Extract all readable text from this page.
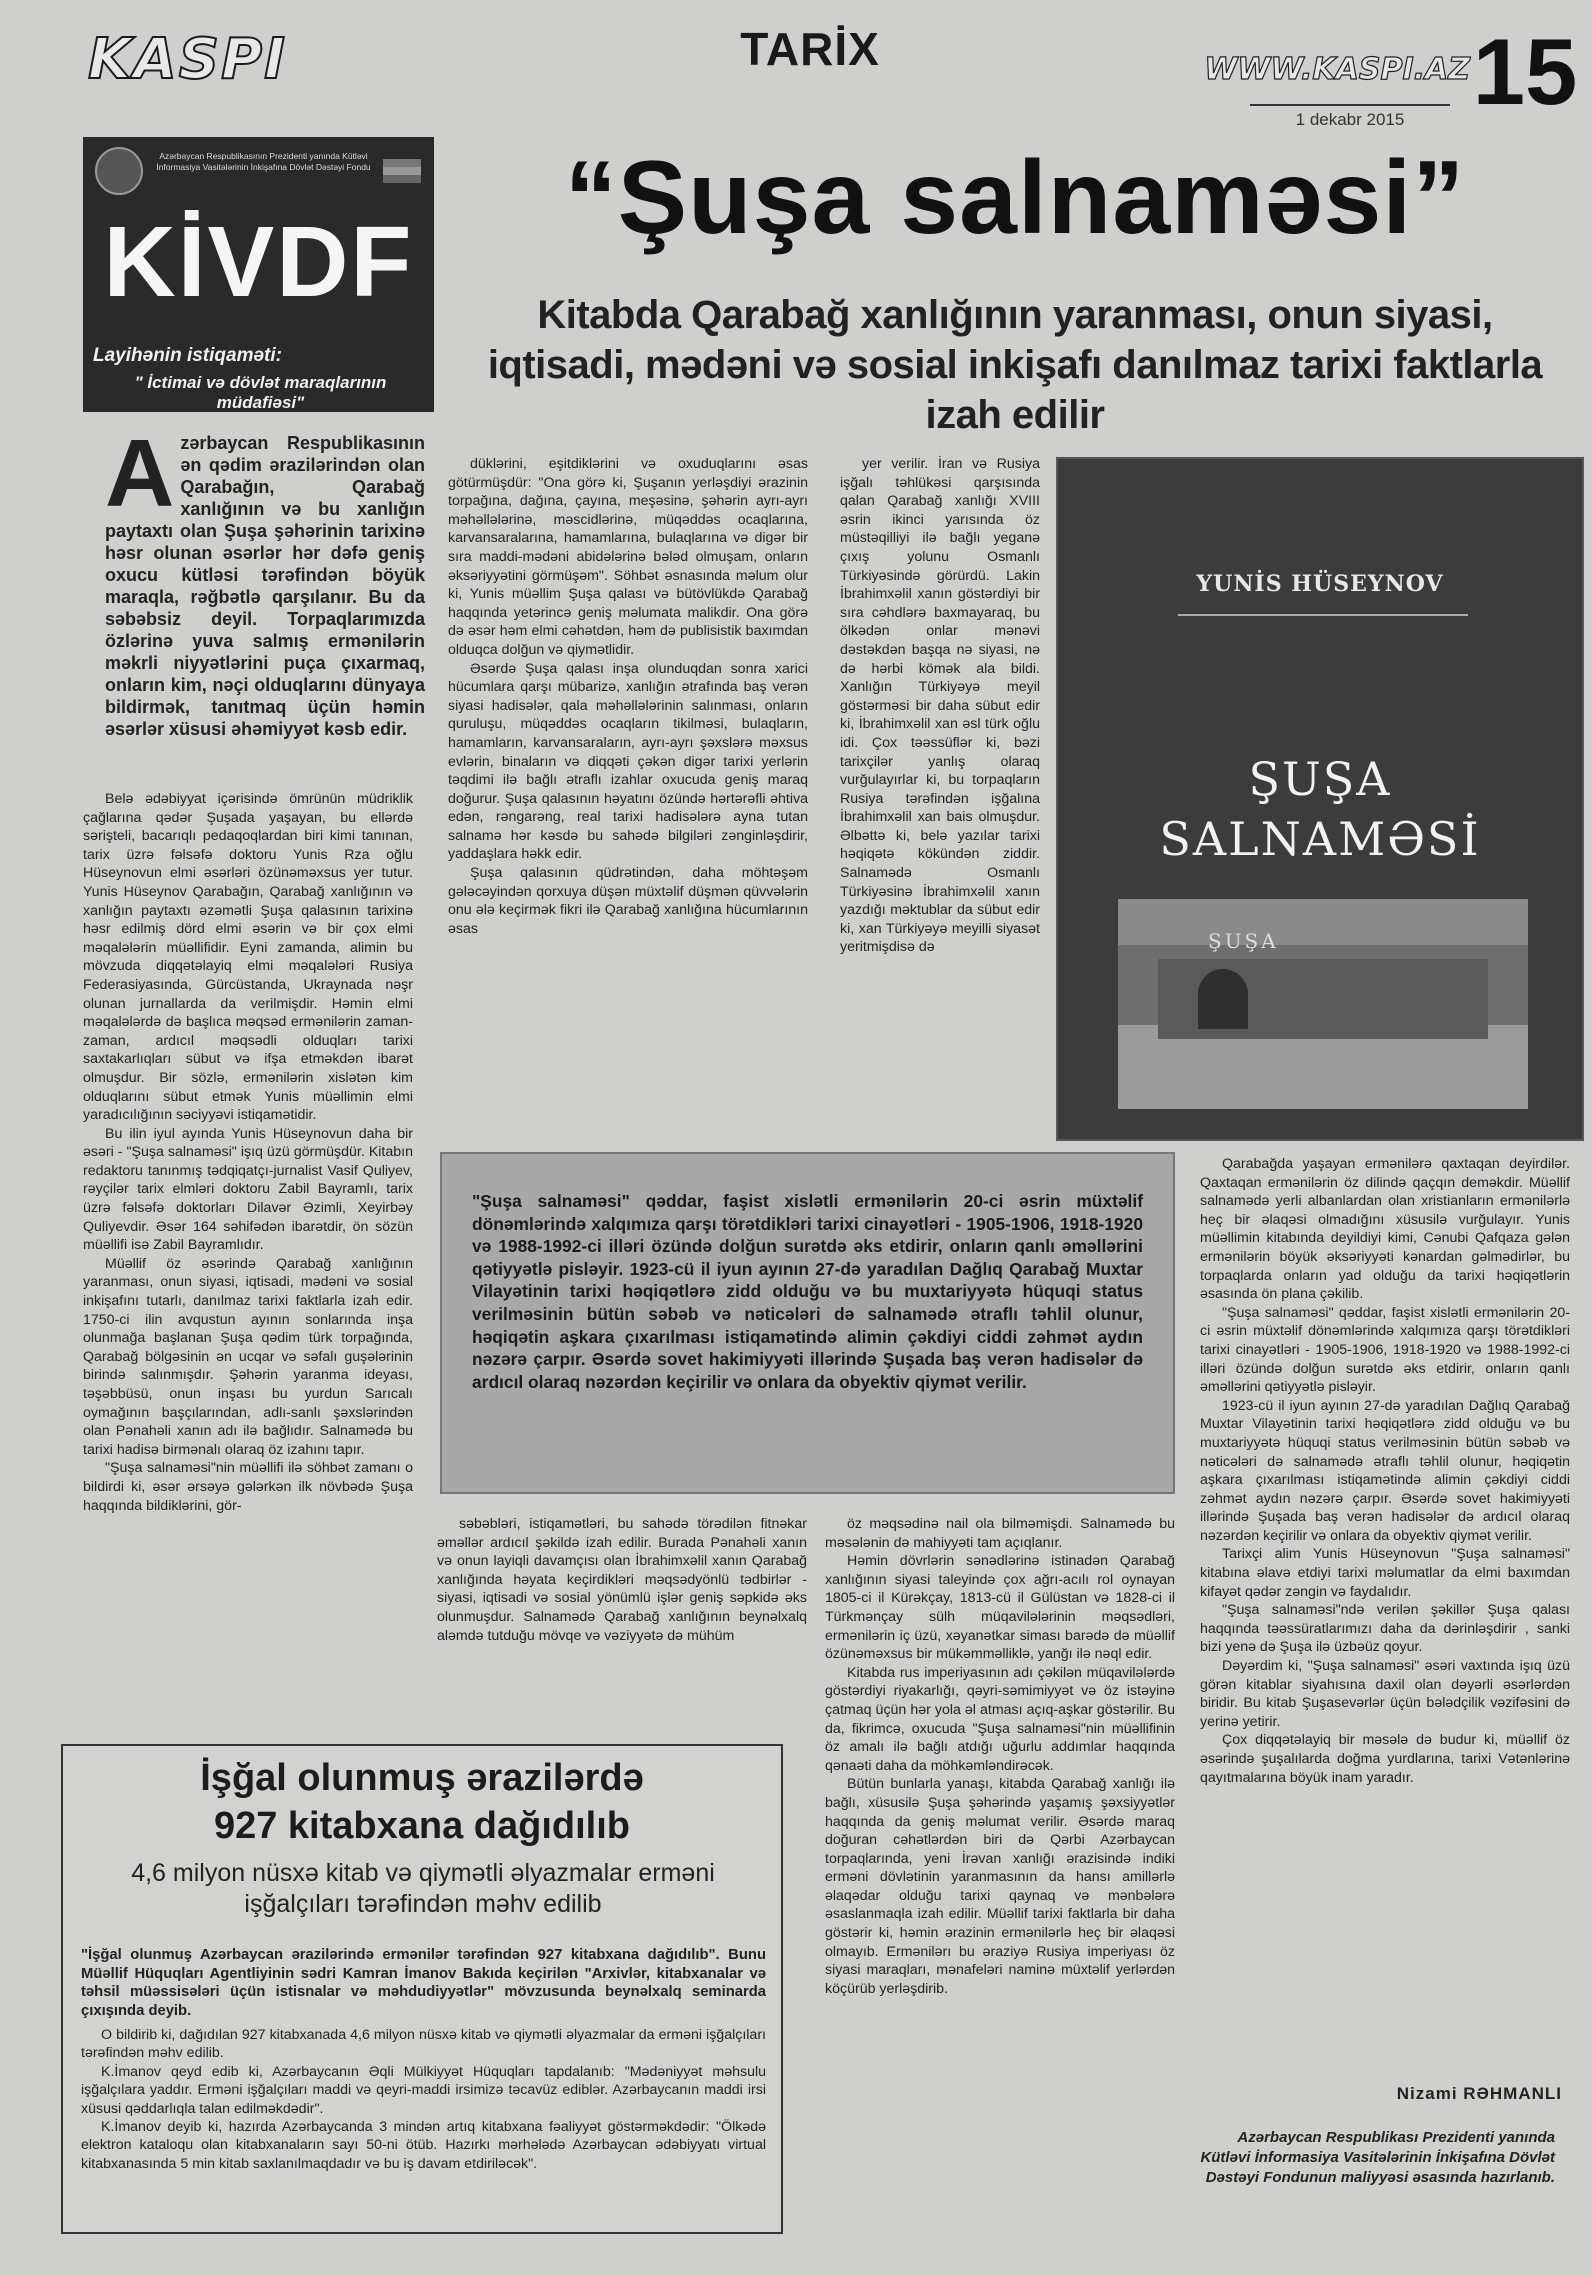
KASPI	TARİX	WWW.KASPI.AZ
1 dekabr 2015 15
Azərbaycan Respublikasının Prezidenti yanında Kütləvi İnformasiya Vasitələrinin İnkişafına Dövlət Dəstəyi Fondu
KİVDF
Layihənin istiqaməti:
" İctimai və dövlət maraqlarının müdafiəsi"
“Şuşa salnaməsi”
Kitabda Qarabağ xanlığının yaranması, onun siyasi, iqtisadi, mədəni və sosial inkişafı danılmaz tarixi faktlarla izah edilir
A zərbaycan Respublikasının ən qədim ərazilərindən olan Qarabağın, Qarabağ xanlığının və bu xanlığın paytaxtı olan Şuşa şəhərinin tarixinə həsr olunan əsərlər hər dəfə geniş oxucu kütləsi tərəfindən böyük maraqla, rəğbətlə qarşılanır. Bu da səbəbsiz deyil. Torpaqlarımızda özlərinə yuva salmış ermənilərin məkrli niyyətlərini puça çıxarmaq, onların kim, nəçi olduqlarını dünyaya bildirmək, tanıtmaq üçün həmin əsərlər xüsusi əhəmiyyət kəsb edir.

Belə ədəbiyyat içərisində ömrünün müdriklik çağlarına qədər Şuşada yaşayan, bu ellərdə sərişteli, bacarıqlı pedaqoqlardan biri kimi tanınan, tarix üzrə fəlsəfə doktoru Yunis Rza oğlu Hüseynovun elmi əsərləri özünəməxsus yer tutur. Yunis Hüseynov Qarabağın, Qarabağ xanlığının və xanlığın paytaxtı əzəmətli Şuşa qalasının tarixinə həsr edilmiş dörd elmi əsərin və bir çox elmi məqalələrin müəllifidir. Eyni zamanda, alimin bu mövzuda diqqətəlayiq elmi məqalələri Rusiya Federasiyasında, Gürcüstanda, Ukraynada nəşr olunan jurnallarda da verilmişdir. Həmin elmi məqalələrdə də başlıca məqsəd ermənilərin zaman-zaman, ardıcıl məqsədli olduqları tarixi saxtakarlıqları sübut və ifşa etməkdən ibarət olmuşdur. Bir sözlə, ermənilərin xislətən kim olduqlarını sübut etmək Yunis müəllimin elmi yaradıcılığının səciyyəvi istiqamətidir.

Bu ilin iyul ayında Yunis Hüseynovun daha bir əsəri - "Şuşa salnaməsi" işıq üzü görmüşdür. Kitabın redaktoru tanınmış tədqiqatçı-jurnalist Vasif Quliyev, rəyçilər tarix elmləri doktoru Zabil Bayramlı, tarix üzrə fəlsəfə doktorları Dilavər Əzimli, Xeyirbəy Quliyevdir. Əsər 164 səhifədən ibarətdir, ön sözün müəllifi isə Zabil Bayramlıdır.

Müəllif öz əsərində Qarabağ xanlığının yaranması, onun siyasi, iqtisadi, mədəni və sosial inkişafını tutarlı, danılmaz tarixi faktlarla izah edir. 1750-ci ilin avqustun ayının sonlarında inşa olunmağa başlanan Şuşa qədim türk torpağında, Qarabağ bölgəsinin ən ucqar və səfalı guşələrinin birində salınmışdır. Şəhərin yaranma ideyası, təşəbbüsü, onun inşası bu yurdun Sarıcalı oymağının başçılarından, adlı-sanlı şəxslərindən olan Pənahəli xanın adı ilə bağlıdır. Salnamədə bu tarixi hadisə birmənalı olaraq öz izahını tapır.

"Şuşa salnaməsi"nin müəllifi ilə söhbət zamanı o bildirdi ki, əsər ərsəyə gələrkən ilk növbədə Şuşa haqqında bildiklərini, gör-

düklərini, eşitdiklərini və oxuduqlarını əsas götürmüşdür: "Ona görə ki, Şuşanın yerləşdiyi ərazinin torpağına, dağına, çayına, meşəsinə, şəhərin ayrı-ayrı məhəllələrinə, məscidlərinə, müqəddəs ocaqlarına, karvansaralarına, hamamlarına, bulaqlarına və digər bir sıra maddi-mədəni abidələrinə bələd olmuşam, onların əksəriyyətini görmüşəm". Söhbət əsnasında məlum olur ki, Yunis müəllim Şuşa qalası və bütövlükdə Qarabağ haqqında yetərincə geniş məlumata malikdir. Ona görə də əsər həm elmi cəhətdən, həm də publisistik baxımdan olduqca dolğun və qiymətlidir.

Əsərdə Şuşa qalası inşa olunduqdan sonra xarici hücumlara qarşı mübarizə, xanlığın ətrafında baş verən siyasi hadisələr, qala məhəllələrinin salınması, onların quruluşu, müqəddəs ocaqların tikilməsi, bulaqların, hamamların, karvansaraların, ayrı-ayrı şəxslərə məxsus evlərin, binaların və diqqəti çəkən digər tarixi yerlərin təqdimi ilə bağlı ətraflı izahlar oxucuda geniş maraq doğurur. Şuşa qalasının həyatını özündə hərtərəfli əhtiva edən, rəngarəng, real tarixi hadisələrə ayna tutan salnamə hər kəsdə bu sahədə bilgiləri zənginləşdirir, yaddaşlara həkk edir.

Şuşa qalasının qüdrətindən, daha möhtəşəm gələcəyindən qorxuya düşən müxtəlif düşmən qüvvələrin onu ələ keçirmək fikri ilə Qarabağ xanlığına hücumlarının əsas

yer verilir. İran və Rusiya işğalı təhlükəsi qarşısında qalan Qarabağ xanlığı XVIII əsrin ikinci yarısında öz müstəqilliyi ilə bağlı yeganə çıxış yolunu Osmanlı Türkiyəsində görürdü. Lakin İbrahimxəlil xanın göstərdiyi bir sıra cəhdlərə baxmayaraq, bu ölkədən onlar mənəvi dəstəkdən başqa nə siyasi, nə də hərbi kömək ala bildi. Xanlığın Türkiyəyə meyil göstərməsi bir daha sübut edir ki, İbrahimxəlil xan əsl türk oğlu idi. Çox təəssüflər ki, bəzi tarixçilər yanlış olaraq vurğulayırlar ki, bu torpaqların Rusiya tərəfindən işğalına İbrahimxəlil xan bais olmuşdur. Əlbəttə ki, belə yazılar tarixi həqiqətə kökündən ziddir. Salnamədə Osmanlı Türkiyəsinə İbrahimxəlil xanın yazdığı məktublar da sübut edir ki, xan Türkiyəyə meyilli siyasət yeritmişdisə də

YUNİS HÜSEYNOV
ŞUŞA
SALNAMƏSİ
ŞUŞA
"Şuşa salnaməsi" qəddar, faşist xislətli ermənilərin 20-ci əsrin müxtəlif dönəmlərində xalqımıza qarşı törətdikləri tarixi cinayətləri - 1905-1906, 1918-1920 və 1988-1992-ci illəri özündə dolğun surətdə əks etdirir, onların qanlı əməllərini qətiyyətlə pisləyir. 1923-cü il iyun ayının 27-də yaradılan Dağlıq Qarabağ Muxtar Vilayətinin tarixi həqiqətlərə zidd olduğu və bu muxtariyyətə hüquqi status verilməsinin bütün səbəb və nəticələri də salnamədə ətraflı təhlil olunur, həqiqətin aşkara çıxarılması istiqamətində alimin çəkdiyi ciddi zəhmət aydın nəzərə çarpır. Əsərdə sovet hakimiyyəti illərində Şuşada baş verən hadisələr də ardıcıl olaraq nəzərdən keçirilir və onlara da obyektiv qiymət verilir.

səbəbləri, istiqamətləri, bu sahədə törədilən fitnəkar əməllər ardıcıl şəkildə izah edilir. Burada Pənahəli xanın və onun layiqli davamçısı olan İbrahimxəlil xanın Qarabağ xanlığında həyata keçirdikləri məqsədyönlü tədbirlər - siyasi, iqtisadi və sosial yönümlü işlər geniş səpkidə əks olunmuşdur. Salnamədə Qarabağ xanlığının beynəlxalq aləmdə tutduğu mövqe və vəziyyətə də mühüm

öz məqsədinə nail ola bilməmişdi. Salnamədə bu məsələnin də mahiyyəti tam açıqlanır.

Həmin dövrlərin sənədlərinə istinadən Qarabağ xanlığının siyasi taleyində çox ağrı-acılı rol oynayan 1805-ci il Kürəkçay, 1813-cü il Gülüstan və 1828-ci il Türkmənçay sülh müqavilələrinin məqsədləri, ermənilərin iç üzü, xəyanətkar siması barədə də müəllif özünəməxsus bir mükəmməlliklə, yanğı ilə nəql edir.

Kitabda rus imperiyasının adı çəkilən müqavilələrdə göstərdiyi riyakarlığı, qəyri-səmimiyyət və öz istəyinə çatmaq üçün hər yola əl atması açıq-aşkar göstərilir. Bu da, fikrimcə, oxucuda "Şuşa salnaməsi"nin müəllifinin öz amalı ilə bağlı atdığı uğurlu addımlar haqqında qənaəti daha da möhkəmləndirəcək.

Bütün bunlarla yanaşı, kitabda Qarabağ xanlığı ilə bağlı, xüsusilə Şuşa şəhərində yaşamış şəxsiyyətlər haqqında da geniş məlumat verilir. Əsərdə maraq doğuran cəhətlərdən biri də Qərbi Azərbaycan torpaqlarında, yeni İrəvan xanlığı ərazisində indiki erməni dövlətinin yaranmasının da hansı amillərlə əlaqədar olduğu tarixi qaynaq və mənbələrə əsaslanmaqla izah edilir. Müəllif tarixi faktlarla bir daha göstərir ki, həmin ərazinin ermənilərlə heç bir əlaqəsi olmayıb. Ermənilərı bu əraziyə Rusiya imperiyası öz siyasi maraqları, mənafeləri naminə müxtəlif yerlərdən köçürüb yerləşdirib.

Qarabağda yaşayan ermənilərə qaxtaqan deyirdilər. Qaxtaqan ermənilərin öz dilində qaçqın deməkdir. Müəllif salnamədə yerli albanlardan olan xristianların ermənilərlə heç bir əlaqəsi olmadığını xüsusilə vurğulayır. Yunis müəllimin kitabında deyildiyi kimi, Cənubi Qafqaza gələn ermənilərin böyük əksəriyyəti kənardan gəlmədirlər, bu torpaqlarda onların yad olduğu da tarixi həqiqətlərin əsasında ön plana çəkilib.

"Şuşa salnaməsi" qəddar, faşist xislətli ermənilərin 20-ci əsrin müxtəlif dönəmlərində xalqımıza qarşı törətdikləri tarixi cinayətləri - 1905-1906, 1918-1920 və 1988-1992-ci illəri özündə dolğun surətdə əks etdirir, onların qanlı əməllərini qətiyyətlə pisləyir.

1923-cü il iyun ayının 27-də yaradılan Dağlıq Qarabağ Muxtar Vilayətinin tarixi həqiqətlərə zidd olduğu və bu muxtariyyətə hüquqi status verilməsinin bütün səbəb və nəticələri də salnamədə ətraflı təhlil olunur, həqiqətin aşkara çıxarılması istiqamətində alimin çəkdiyi ciddi zəhmət aydın nəzərə çarpır. Əsərdə sovet hakimiyyəti illərində Şuşada baş verən hadisələr də ardıcıl olaraq nəzərdən keçirilir və onlara da obyektiv qiymət verilir.

Tarixçi alim Yunis Hüseynovun "Şuşa salnaməsi" kitabına əlavə etdiyi tarixi məlumatlar da elmi baxımdan kifayət qədər zəngin və faydalıdır.

"Şuşa salnaməsi"ndə verilən şəkillər Şuşa qalası haqqında təəssüratlarımızı daha da dərinləşdirir , sanki bizi yenə də Şuşa ilə üzbəüz qoyur.

Dəyərdim ki, "Şuşa salnaməsi" əsəri vaxtında işıq üzü görən kitablar siyahısına daxil olan dəyərli əsərlərdən biridir. Bu kitab Şuşasevərlər üçün bələdçilik vəzifəsini də yerinə yetirir.

Çox diqqətəlayiq bir məsələ də budur ki, müəllif öz əsərində şuşalılarda doğma yurdlarına, tarixi Vətənlərinə qayıtmalarına böyük inam yaradır.

Nizami RƏHMANLI
Azərbaycan Respublikası Prezidenti yanında Kütləvi İnformasiya Vasitələrinin İnkişafına Dövlət Dəstəyi Fondunun maliyyəsi əsasında hazırlanıb.
İşğal olunmuş ərazilərdə
927 kitabxana dağıdılıb
4,6 milyon nüsxə kitab və qiymətli əlyazmalar erməni işğalçıları tərəfindən məhv edilib
"İşğal olunmuş Azərbaycan ərazilərində ermənilər tərəfindən 927 kitabxana dağıdılıb". Bunu Müəllif Hüquqları Agentliyinin sədri Kamran İmanov Bakıda keçirilən "Arxivlər, kitabxanalar və təhsil müəssisələri üçün istisnalar və məhdudiyyətlər" mövzusunda beynəlxalq seminarda çıxışında deyib.

O bildirib ki, dağıdılan 927 kitabxanada 4,6 milyon nüsxə kitab və qiymətli əlyazmalar da erməni işğalçıları tərəfindən məhv edilib.

K.İmanov qeyd edib ki, Azərbaycanın Əqli Mülkiyyət Hüquqları tapdalanıb: "Mədəniyyət məhsulu işğalçılara yaddır. Erməni işğalçıları maddi və qeyri-maddi irsimizə təcavüz ediblər. Azərbaycanın maddi irsi xüsusi qəddarlıqla talan edilməkdədir".

K.İmanov deyib ki, hazırda Azərbaycanda 3 mindən artıq kitabxana fəaliyyət göstərməkdədir: "Ölkədə elektron kataloqu olan kitabxanaların sayı 50-ni ötüb. Hazırkı mərhələdə Azərbaycan ədəbiyyatı virtual kitabxanasında 5 min kitab saxlanılmaqdadır və bu iş davam etdiriləcək".
